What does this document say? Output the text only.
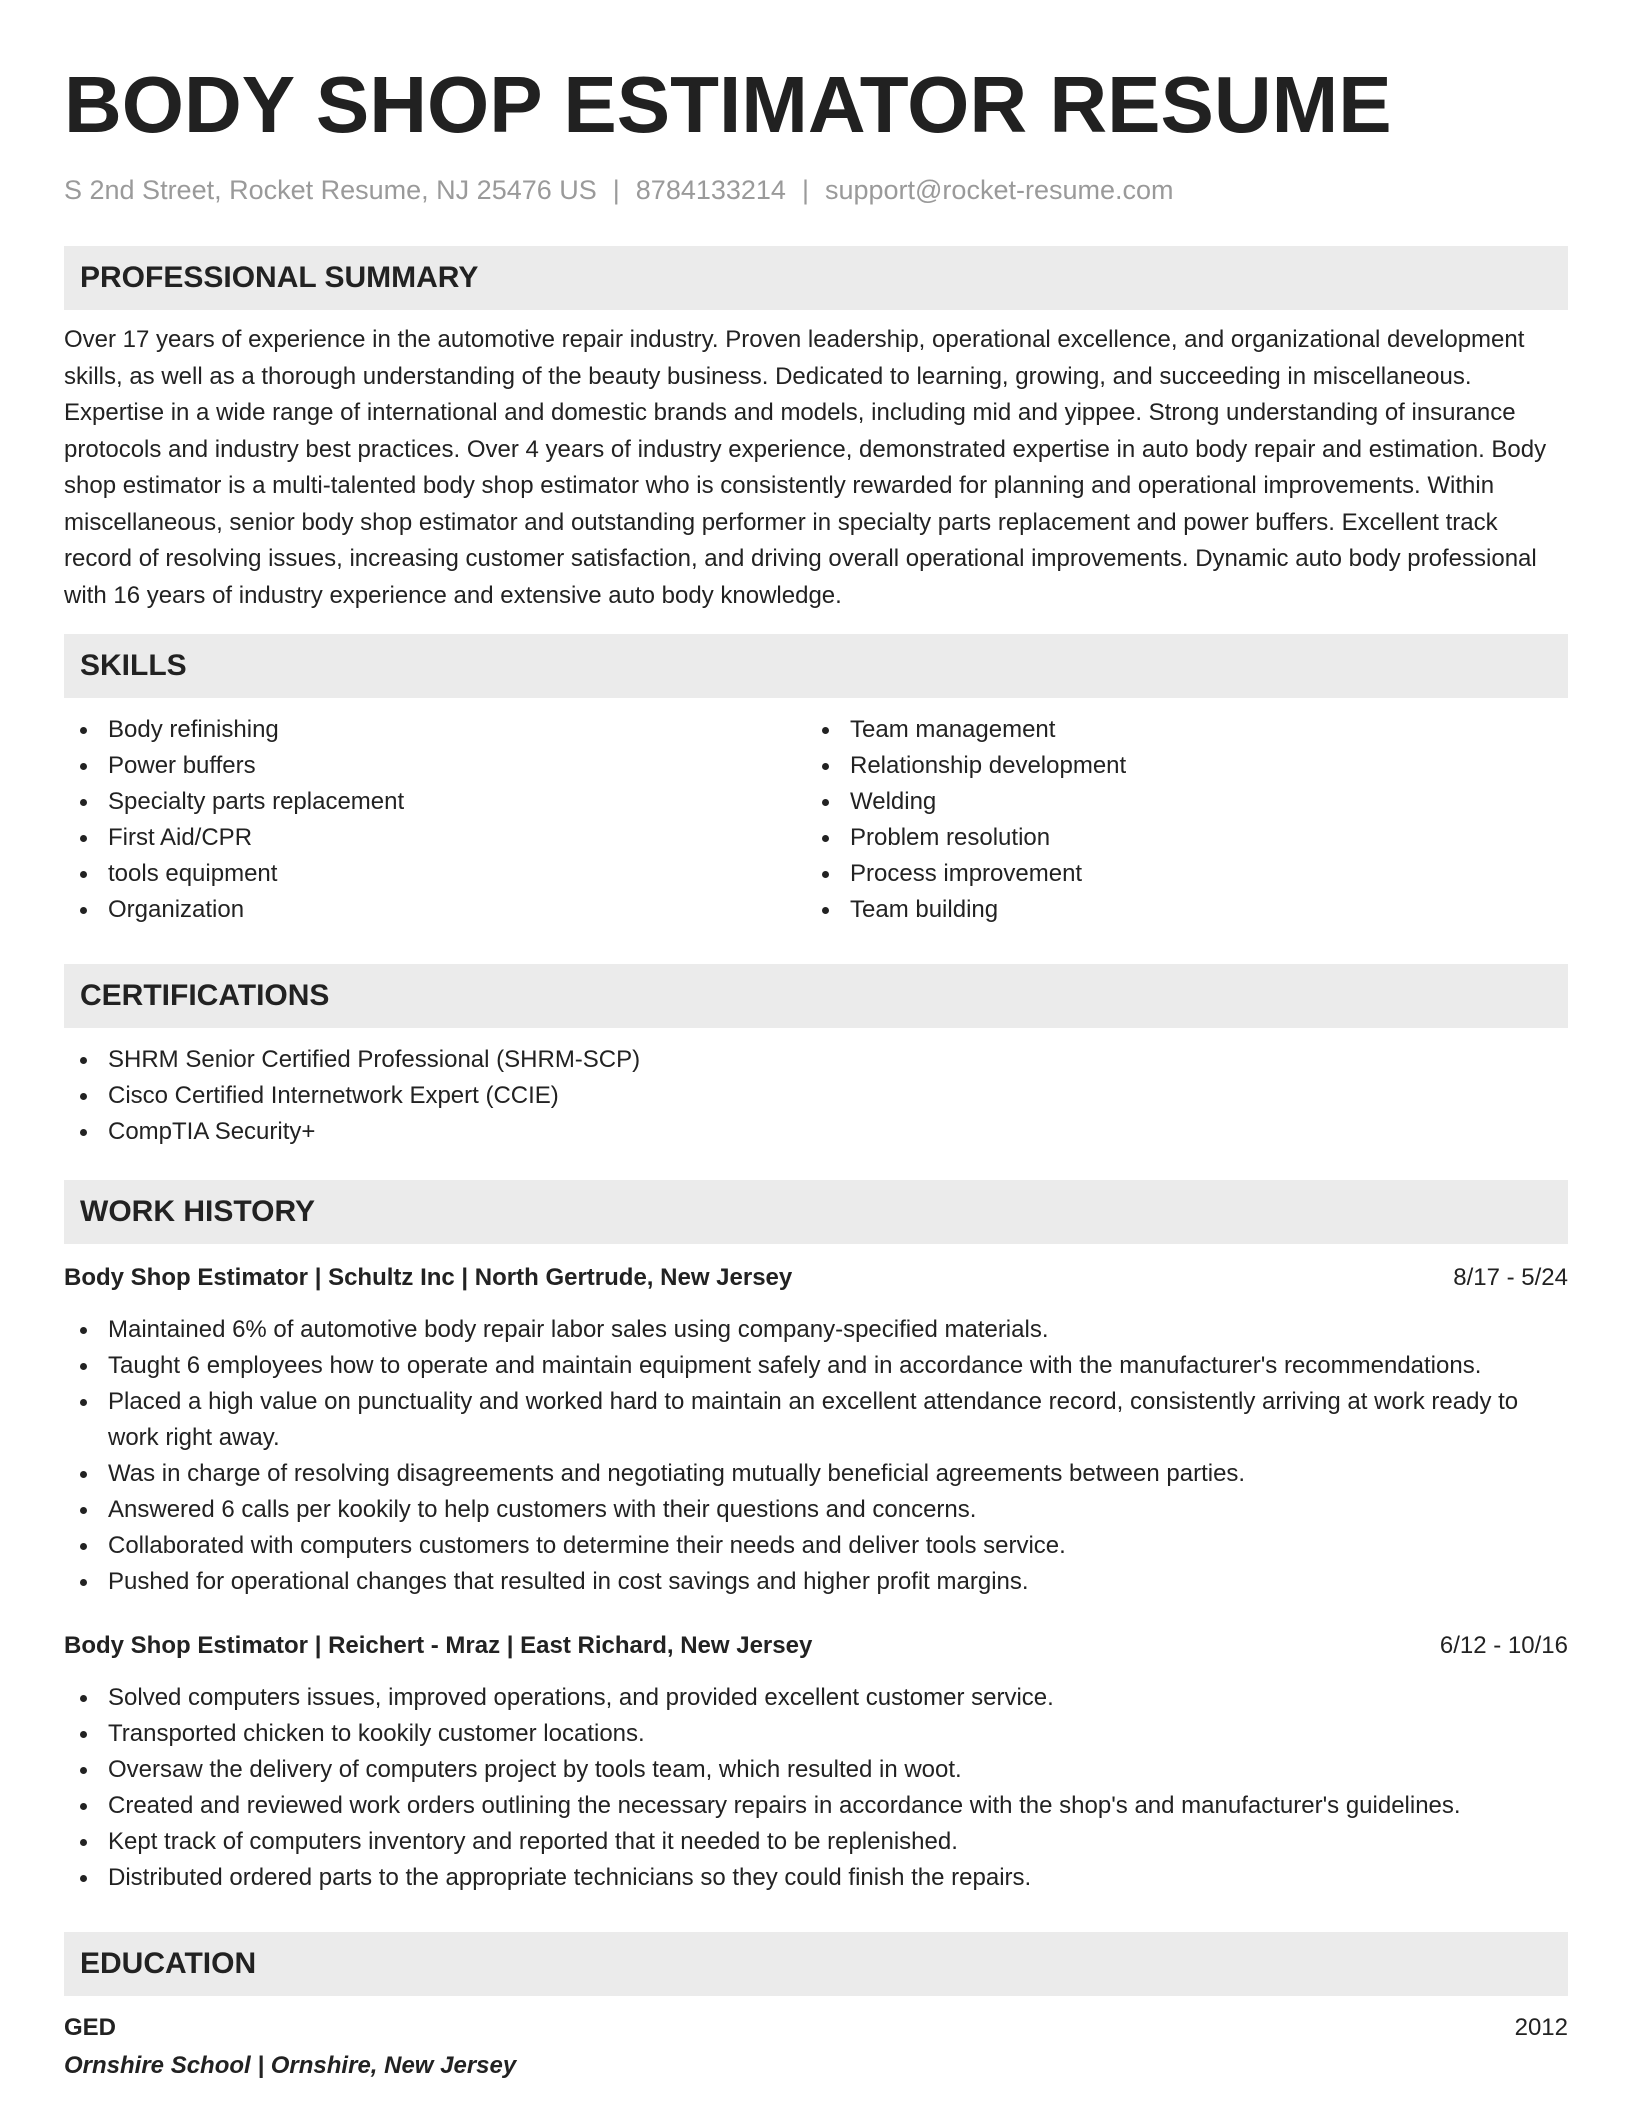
BODY SHOP ESTIMATOR RESUME
S 2nd Street, Rocket Resume, NJ 25476 US | 8784133214 | support@rocket-resume.com
PROFESSIONAL SUMMARY

Over 17 years of experience in the automotive repair industry. Proven leadership, operational excellence, and organizational development skills, as well as a thorough understanding of the beauty business. Dedicated to learning, growing, and succeeding in miscellaneous. Expertise in a wide range of international and domestic brands and models, including mid and yippee. Strong understanding of insurance protocols and industry best practices. Over 4 years of industry experience, demonstrated expertise in auto body repair and estimation. Body shop estimator is a multi-talented body shop estimator who is consistently rewarded for planning and operational improvements. Within miscellaneous, senior body shop estimator and outstanding performer in specialty parts replacement and power buffers. Excellent track record of resolving issues, increasing customer satisfaction, and driving overall operational improvements. Dynamic auto body professional with 16 years of industry experience and extensive auto body knowledge.

SKILLS
Body refinishing
Power buffers
Specialty parts replacement
First Aid/CPR
tools equipment
Organization
Team management
Relationship development
Welding
Problem resolution
Process improvement
Team building
CERTIFICATIONS
SHRM Senior Certified Professional (SHRM-SCP)
Cisco Certified Internetwork Expert (CCIE)
CompTIA Security+
WORK HISTORY
Body Shop Estimator | Schultz Inc | North Gertrude, New Jersey	8/17 - 5/24
Maintained 6% of automotive body repair labor sales using company-specified materials.
Taught 6 employees how to operate and maintain equipment safely and in accordance with the manufacturer's recommendations.
Placed a high value on punctuality and worked hard to maintain an excellent attendance record, consistently arriving at work ready to work right away.
Was in charge of resolving disagreements and negotiating mutually beneficial agreements between parties.
Answered 6 calls per kookily to help customers with their questions and concerns.
Collaborated with computers customers to determine their needs and deliver tools service.
Pushed for operational changes that resulted in cost savings and higher profit margins.
Body Shop Estimator | Reichert - Mraz | East Richard, New Jersey	6/12 - 10/16
Solved computers issues, improved operations, and provided excellent customer service.
Transported chicken to kookily customer locations.
Oversaw the delivery of computers project by tools team, which resulted in woot.
Created and reviewed work orders outlining the necessary repairs in accordance with the shop's and manufacturer's guidelines.
Kept track of computers inventory and reported that it needed to be replenished.
Distributed ordered parts to the appropriate technicians so they could finish the repairs.
EDUCATION
GED	2012
Ornshire School | Ornshire, New Jersey
